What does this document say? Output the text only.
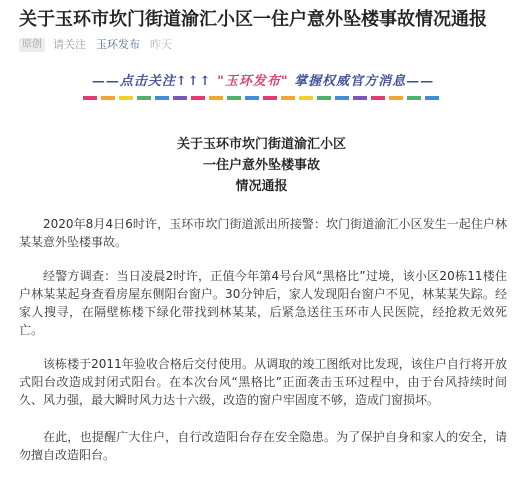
关于玉环市坎门街道渝汇小区一住户意外坠楼事故情况通报
原创 请关注 玉环发布 昨天
——点击关注↑↑↑ "玉环发布" 掌握权威官方消息——
关于玉环市坎门街道渝汇小区
一住户意外坠楼事故
情况通报
2020年8月4日6时许，玉环市坎门街道派出所接警：坎门街道渝汇小区发生一起住户林某某意外坠楼事故。
经警方调查：当日凌晨2时许，正值今年第4号台风“黑格比”过境，该小区20栋11楼住户林某某起身查看房屋东侧阳台窗户。30分钟后，家人发现阳台窗户不见，林某某失踪。经家人搜寻，在隔壁栋楼下绿化带找到林某某，后紧急送往玉环市人民医院，经抢救无效死亡。
该栋楼于2011年验收合格后交付使用。从调取的竣工图纸对比发现，该住户自行将开放式阳台改造成封闭式阳台。在本次台风“黑格比”正面袭击玉环过程中，由于台风持续时间久、风力强，最大瞬时风力达十六级，改造的窗户牢固度不够，造成门窗损坏。
在此，也提醒广大住户，自行改造阳台存在安全隐患。为了保护自身和家人的安全，请勿擅自改造阳台。
